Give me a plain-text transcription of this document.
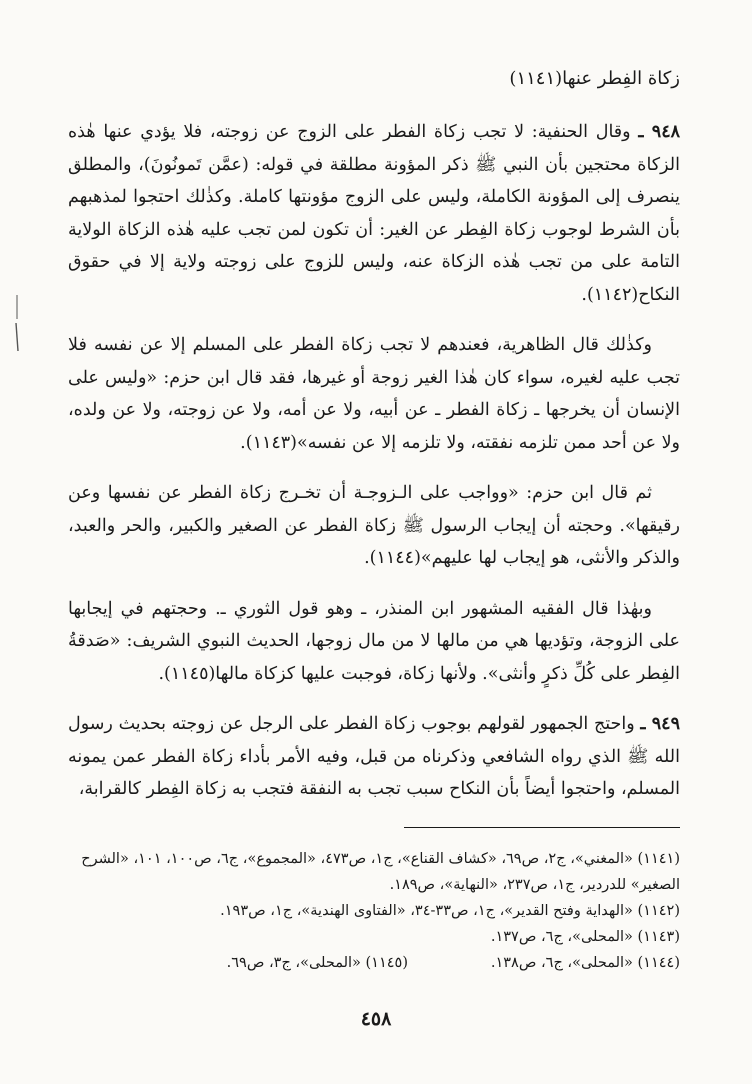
زكاة الفِطر عنها(١١٤١)

٩٤٨ ـ وقال الحنفية: لا تجب زكاة الفطر على الزوج عن زوجته، فلا يؤدي عنها هٰذه الزكاة محتجين بأن النبي ﷺ ذكر المؤونة مطلقة في قوله: (عمَّن تَمونُونَ)، والمطلق ينصرف إلى المؤونة الكاملة، وليس على الزوج مؤونتها كاملة. وكذٰلك احتجوا لمذهبهم بأن الشرط لوجوب زكاة الفِطر عن الغير: أن تكون لمن تجب عليه هٰذه الزكاة الولاية التامة على من تجب هٰذه الزكاة عنه، وليس للزوج على زوجته ولاية إلا في حقوق النكاح(١١٤٢).

وكذٰلك قال الظاهرية، فعندهم لا تجب زكاة الفطر على المسلم إلا عن نفسه فلا تجب عليه لغيره، سواء كان هٰذا الغير زوجة أو غيرها، فقد قال ابن حزم: «وليس على الإنسان أن يخرجها ـ زكاة الفطر ـ عن أبيه، ولا عن أمه، ولا عن زوجته، ولا عن ولده، ولا عن أحد ممن تلزمه نفقته، ولا تلزمه إلا عن نفسه»(١١٤٣).

ثم قال ابن حزم: «وواجب على الـزوجـة أن تخـرج زكاة الفطر عن نفسها وعن رقيقها». وحجته أن إيجاب الرسول ﷺ زكاة الفطر عن الصغير والكبير، والحر والعبد، والذكر والأنثى، هو إيجاب لها عليهم»(١١٤٤).

وبهٰذا قال الفقيه المشهور ابن المنذر، ـ وهو قول الثوري ـ. وحجتهم في إيجابها على الزوجة، وتؤديها هي من مالها لا من مال زوجها، الحديث النبوي الشريف: «صَدقةُ الفِطر على كُلِّ ذكرٍ وأنثى». ولأنها زكاة، فوجبت عليها كزكاة مالها(١١٤٥).

٩٤٩ ـ واحتج الجمهور لقولهم بوجوب زكاة الفطر على الرجل عن زوجته بحديث رسول الله ﷺ الذي رواه الشافعي وذكرناه من قبل، وفيه الأمر بأداء زكاة الفطر عمن يمونه المسلم، واحتجوا أيضاً بأن النكاح سبب تجب به النفقة فتجب به زكاة الفِطر كالقرابة،

(١١٤١) «المغني»، ج٢، ص٦٩، «كشاف القناع»، ج١، ص٤٧٣، «المجموع»، ج٦، ص١٠٠، ١٠١، «الشرح الصغير» للدردير، ج١، ص٢٣٧، «النهاية»، ص١٨٩.

(١١٤٢) «الهداية وفتح القدير»، ج١، ص٣٣-٣٤، «الفتاوى الهندية»، ج١، ص١٩٣.

(١١٤٣) «المحلى»، ج٦، ص١٣٧.

(١١٤٤) «المحلى»، ج٦، ص١٣٨.

(١١٤٥) «المحلى»، ج٣، ص٦٩.

٤٥٨
